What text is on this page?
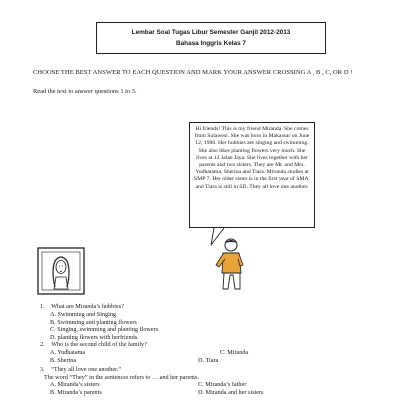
Lembar Soal Tugas Libur Semester Ganjil 2012-2013
Bahasa Inggris Kelas 7
CHOOSE THE BEST ANSWER TO EACH QUESTION AND MARK YOUR ANSWER CROSSING A , B , C, OR D !
Read the text to answer questions 1 to 3.
Hi friends! This is my friend Miranda. She comes from Sulawesi. She was born in Makassar on June 12, 1980. Her hobbies are singing and swimming. She also likes planting flowers very much. She lives at 12 Jalan Jaya. She lives together with her parents and two sisters. They are Mr. and Mrs. Yudhatama, Sherina and Tiara. Miranda studies at SMP 7. Her older sister is in the first year of SMA, and Tiara is still in SD. They all love one another.
1. What are Miranda’s hobbies?
A. Swimming and Singing
B. Swimming and planting flowers
C. Singing, swimming and planting flowers
D. planting flowers with herfriends.
2. Who is the second child of the family?
A. Yudhatama	C. Miranda
B. Sherina	D. Tiara
3. “They all love one another.”
The word “They” in the sentences refers to … and her parents.
A. Miranda’s sisters	C. Miranda’s father
B. Miranda’s parents	D. Miranda and her sisters
